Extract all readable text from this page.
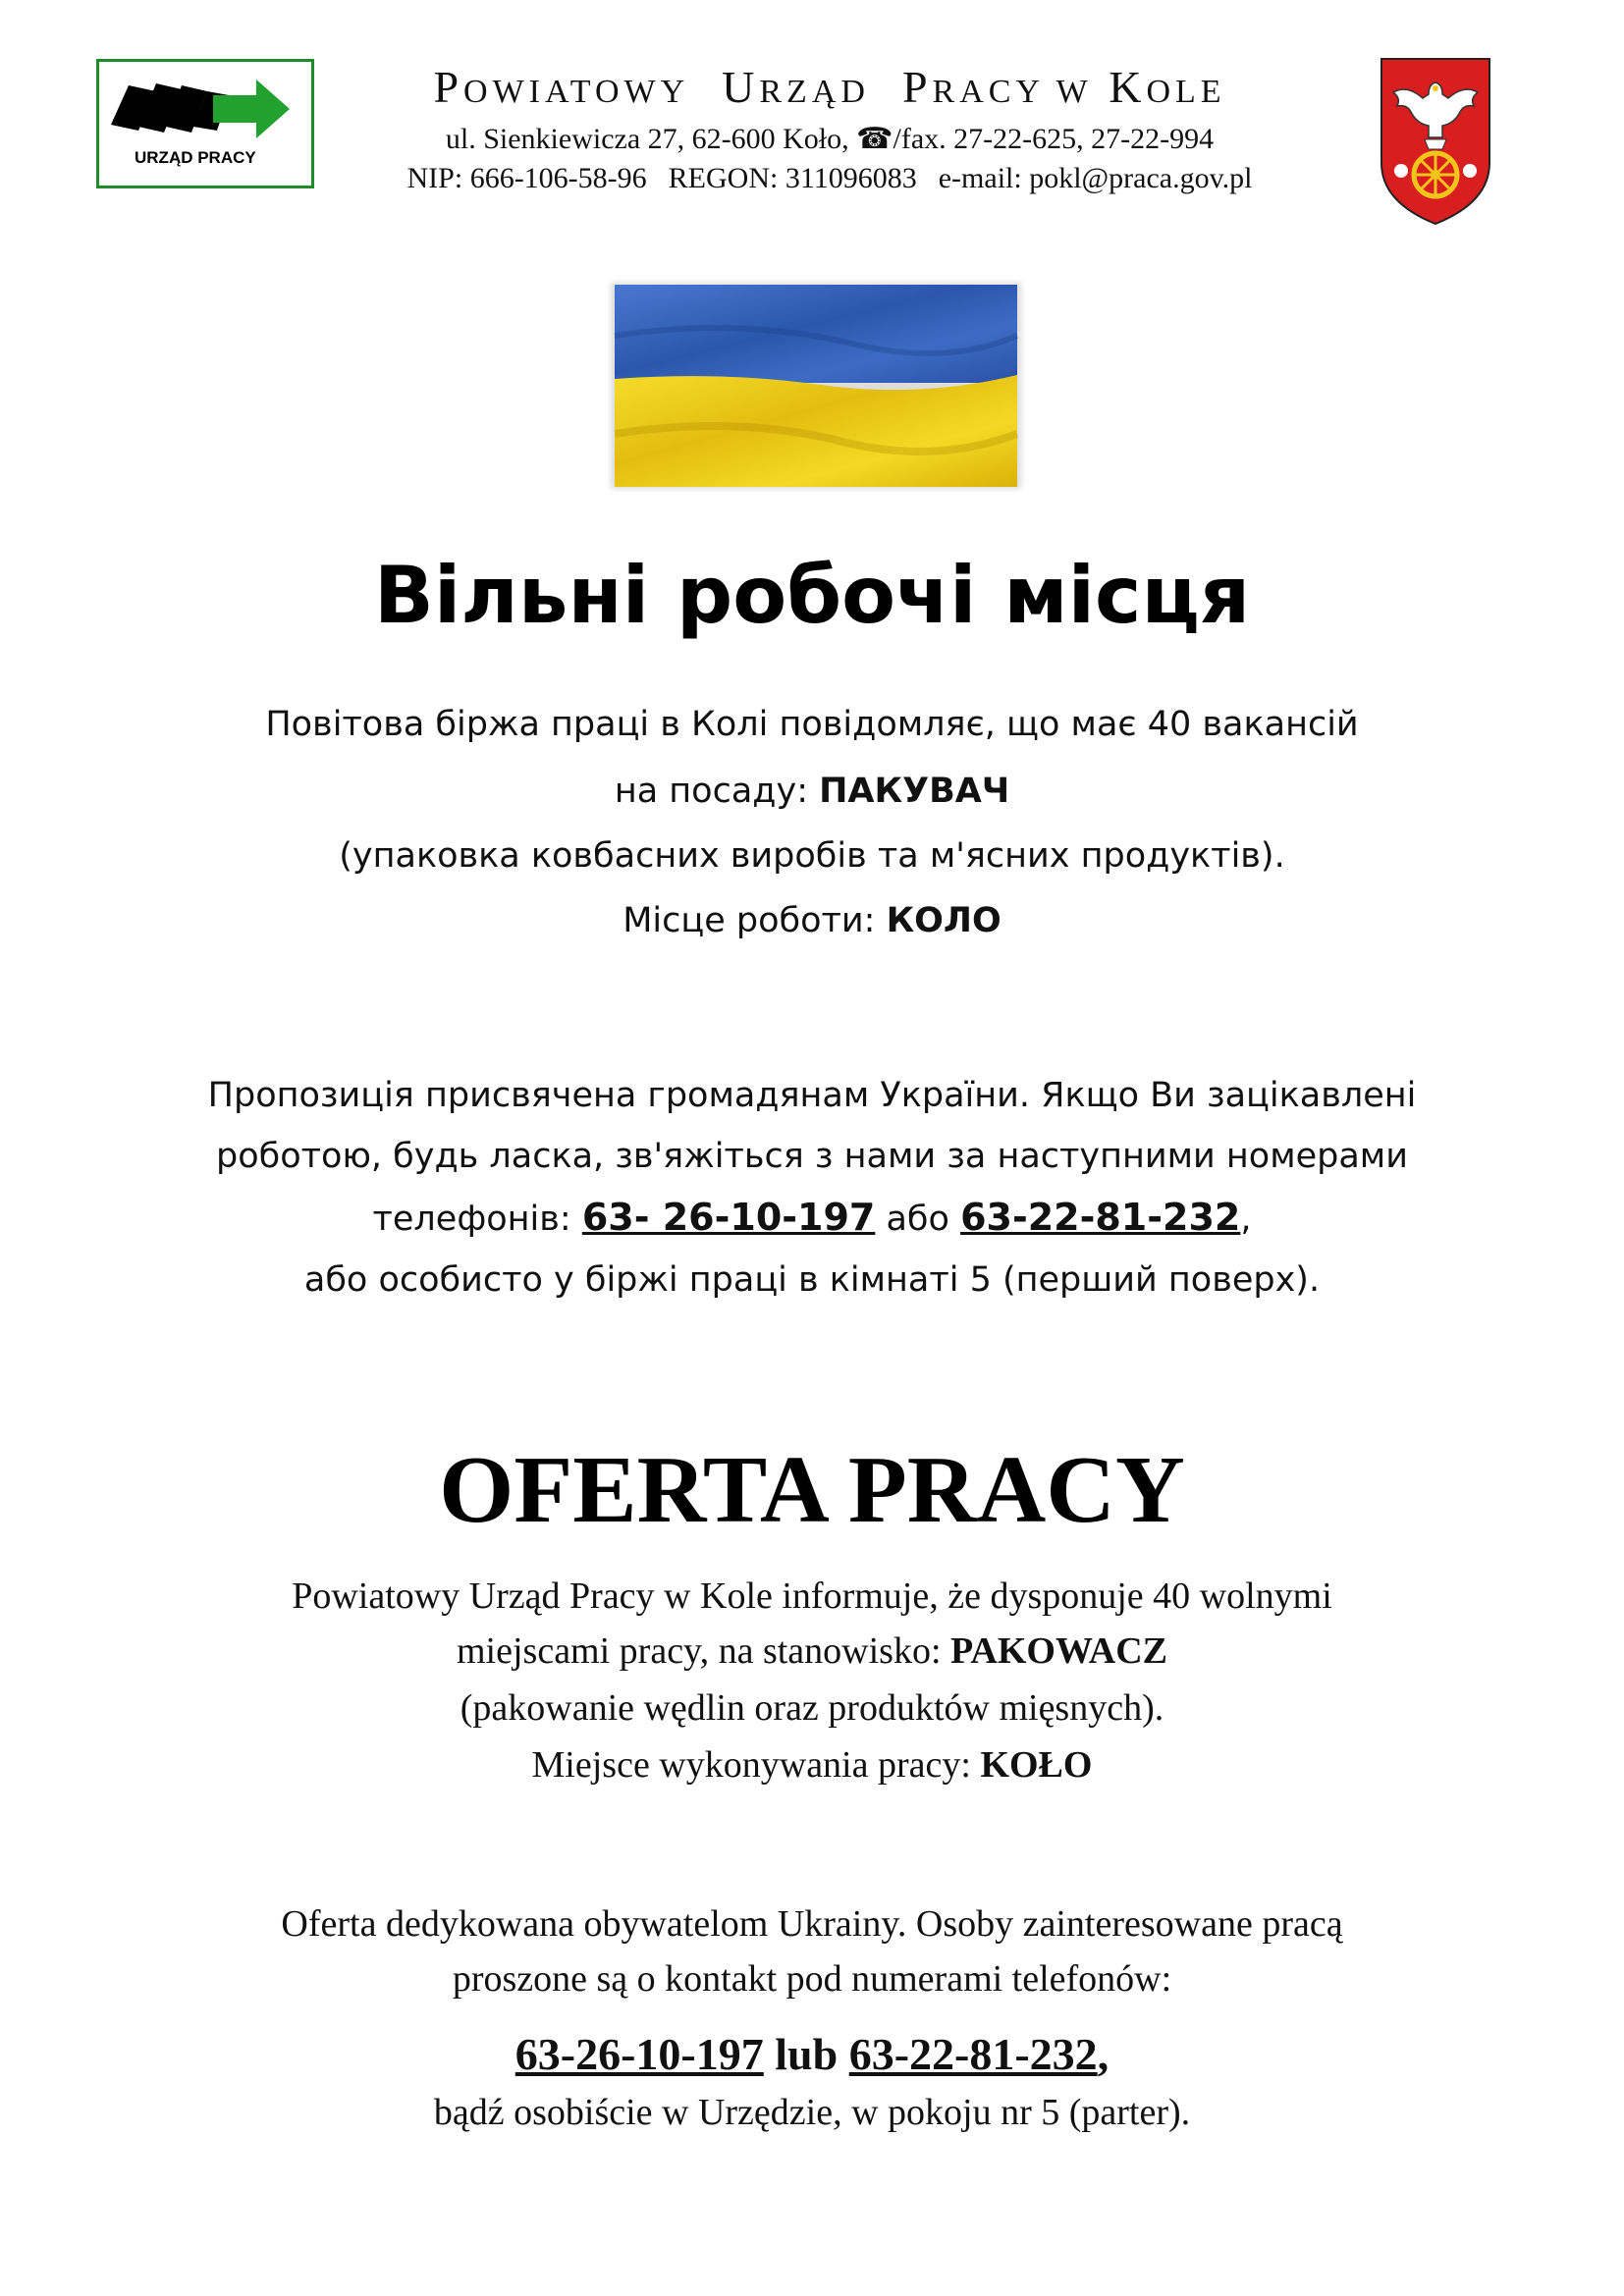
URZĄD PRACY
POWIATOWY URZĄD PRACY W KOLE
ul. Sienkiewicza 27, 62-600 Koło, ☎/fax. 27-22-625, 27-22-994
NIP: 666-106-58-96 REGON: 311096083 e-mail: pokl@praca.gov.pl
Вільні робочі місця
Повітова біржа праці в Колі повідомляє, що має 40 вакансій
на посаду: ПАКУВАЧ
(упаковка ковбасних виробів та м'ясних продуктів).
Місце роботи: КОЛО
Пропозиція присвячена громадянам України. Якщо Ви зацікавлені
роботою, будь ласка, зв'яжіться з нами за наступними номерами
телефонів: 63- 26-10-197 або 63-22-81-232,
або особисто у біржі праці в кімнаті 5 (перший поверх).
OFERTA PRACY
Powiatowy Urząd Pracy w Kole informuje, że dysponuje 40 wolnymi
miejscami pracy, na stanowisko: PAKOWACZ
(pakowanie wędlin oraz produktów mięsnych).
Miejsce wykonywania pracy: KOŁO
Oferta dedykowana obywatelom Ukrainy. Osoby zainteresowane pracą
proszone są o kontakt pod numerami telefonów:
63-26-10-197 lub 63-22-81-232,
bądź osobiście w Urzędzie, w pokoju nr 5 (parter).
